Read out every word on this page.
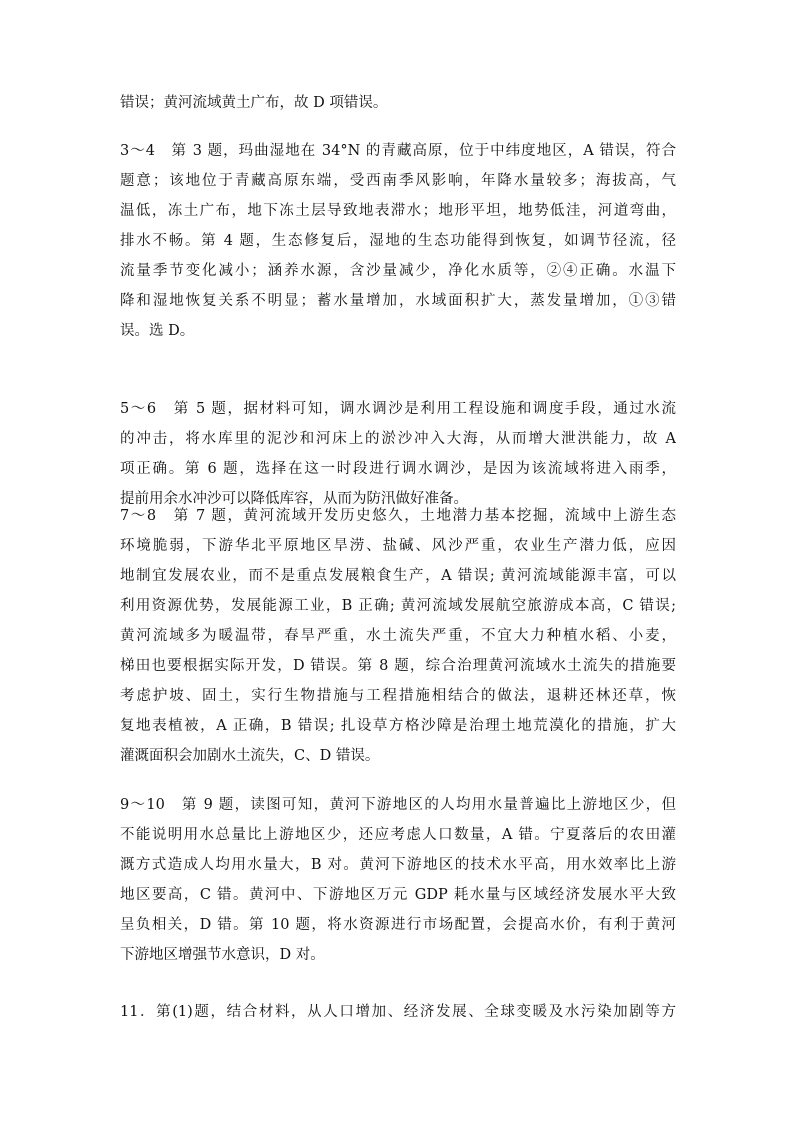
错误；黄河流域黄土广布，故 D 项错误。
3～4　第 3 题，玛曲湿地在 34°N 的青藏高原，位于中纬度地区，A 错误，符合
题意；该地位于青藏高原东端，受西南季风影响，年降水量较多；海拔高，气
温低，冻土广布，地下冻土层导致地表滞水；地形平坦，地势低洼，河道弯曲，
排水不畅。第 4 题，生态修复后，湿地的生态功能得到恢复，如调节径流，径
流量季节变化减小；涵养水源，含沙量减少，净化水质等，②④正确。水温下
降和湿地恢复关系不明显；蓄水量增加，水域面积扩大，蒸发量增加，①③错
误。选 D。
5～6　第 5 题，据材料可知，调水调沙是利用工程设施和调度手段，通过水流
的冲击，将水库里的泥沙和河床上的淤沙冲入大海，从而增大泄洪能力，故 A
项正确。第 6 题，选择在这一时段进行调水调沙，是因为该流域将进入雨季，
提前用余水冲沙可以降低库容，从而为防汛做好准备。
7～8　第 7 题，黄河流域开发历史悠久，土地潜力基本挖掘，流域中上游生态
环境脆弱，下游华北平原地区旱涝、盐碱、风沙严重，农业生产潜力低，应因
地制宜发展农业，而不是重点发展粮食生产，A 错误; 黄河流域能源丰富，可以
利用资源优势，发展能源工业，B 正确; 黄河流域发展航空旅游成本高，C 错误;
黄河流域多为暖温带，春旱严重，水土流失严重，不宜大力种植水稻、小麦，
梯田也要根据实际开发，D 错误。第 8 题，综合治理黄河流域水土流失的措施要
考虑护坡、固土，实行生物措施与工程措施相结合的做法，退耕还林还草，恢
复地表植被，A 正确，B 错误; 扎设草方格沙障是治理土地荒漠化的措施，扩大
灌溉面积会加剧水土流失，C、D 错误。
9～10　第 9 题，读图可知，黄河下游地区的人均用水量普遍比上游地区少，但
不能说明用水总量比上游地区少，还应考虑人口数量，A 错。宁夏落后的农田灌
溉方式造成人均用水量大，B 对。黄河下游地区的技术水平高，用水效率比上游
地区要高，C 错。黄河中、下游地区万元 GDP 耗水量与区域经济发展水平大致
呈负相关，D 错。第 10 题，将水资源进行市场配置，会提高水价，有利于黄河
下游地区增强节水意识，D 对。
11．第(1)题，结合材料，从人口增加、经济发展、全球变暖及水污染加剧等方
